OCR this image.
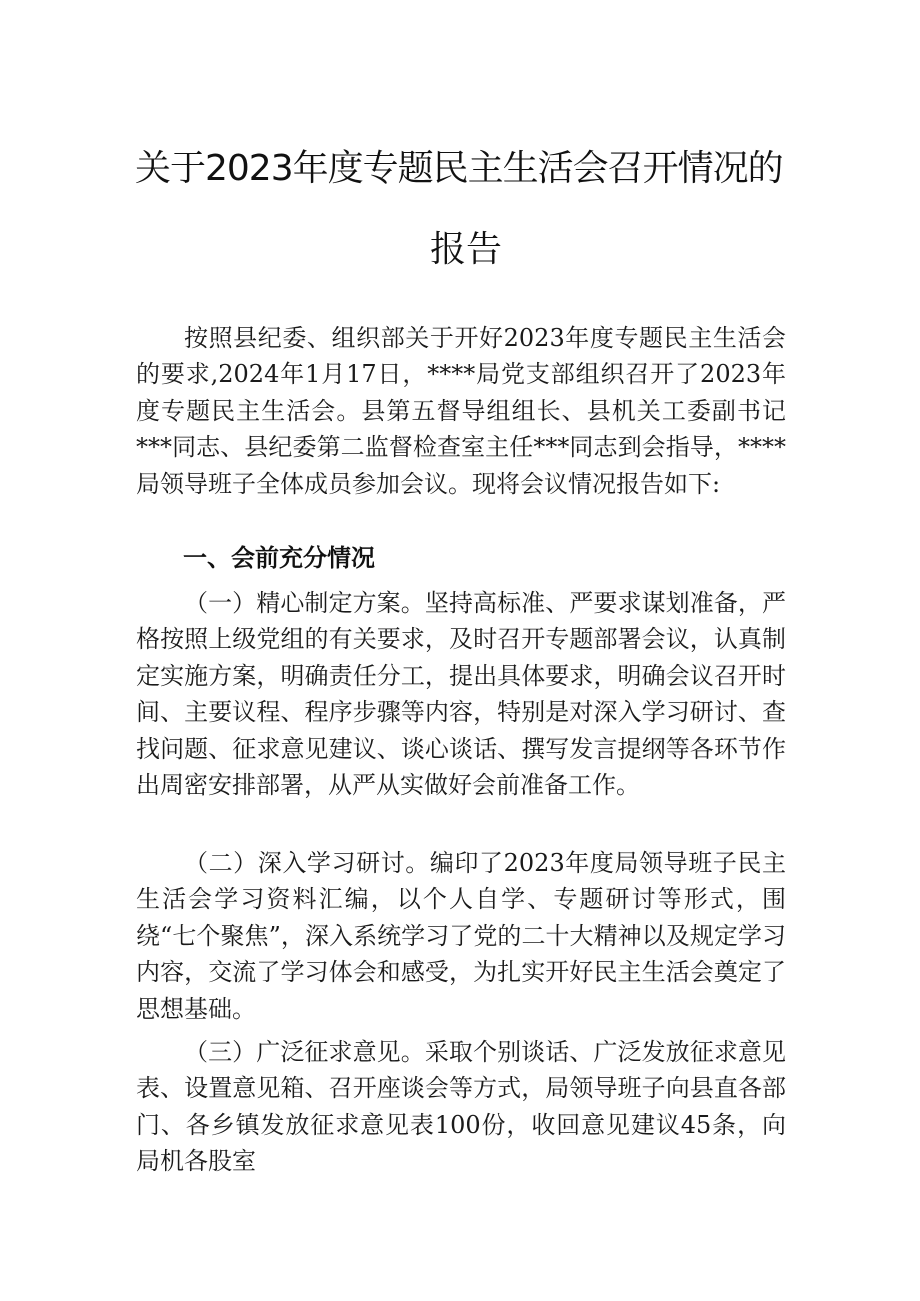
关于2023年度专题民主生活会召开情况的
报告

按照县纪委、组织部关于开好2023年度专题民主生活会的要求,2024年1月17日，****局党支部组织召开了2023年度专题民主生活会。县第五督导组组长、县机关工委副书记***同志、县纪委第二监督检查室主任***同志到会指导，****局领导班子全体成员参加会议。现将会议情况报告如下:

一、会前充分情况

（一）精心制定方案。坚持高标准、严要求谋划准备，严格按照上级党组的有关要求，及时召开专题部署会议，认真制定实施方案，明确责任分工，提出具体要求，明确会议召开时间、主要议程、程序步骤等内容，特别是对深入学习研讨、查找问题、征求意见建议、谈心谈话、撰写发言提纲等各环节作出周密安排部署，从严从实做好会前准备工作。

（二）深入学习研讨。编印了2023年度局领导班子民主生活会学习资料汇编，以个人自学、专题研讨等形式，围绕“七个聚焦”，深入系统学习了党的二十大精神以及规定学习内容，交流了学习体会和感受，为扎实开好民主生活会奠定了思想基础。

（三）广泛征求意见。采取个别谈话、广泛发放征求意见表、设置意见箱、召开座谈会等方式，局领导班子向县直各部门、各乡镇发放征求意见表100份，收回意见建议45条，向局机各股室
